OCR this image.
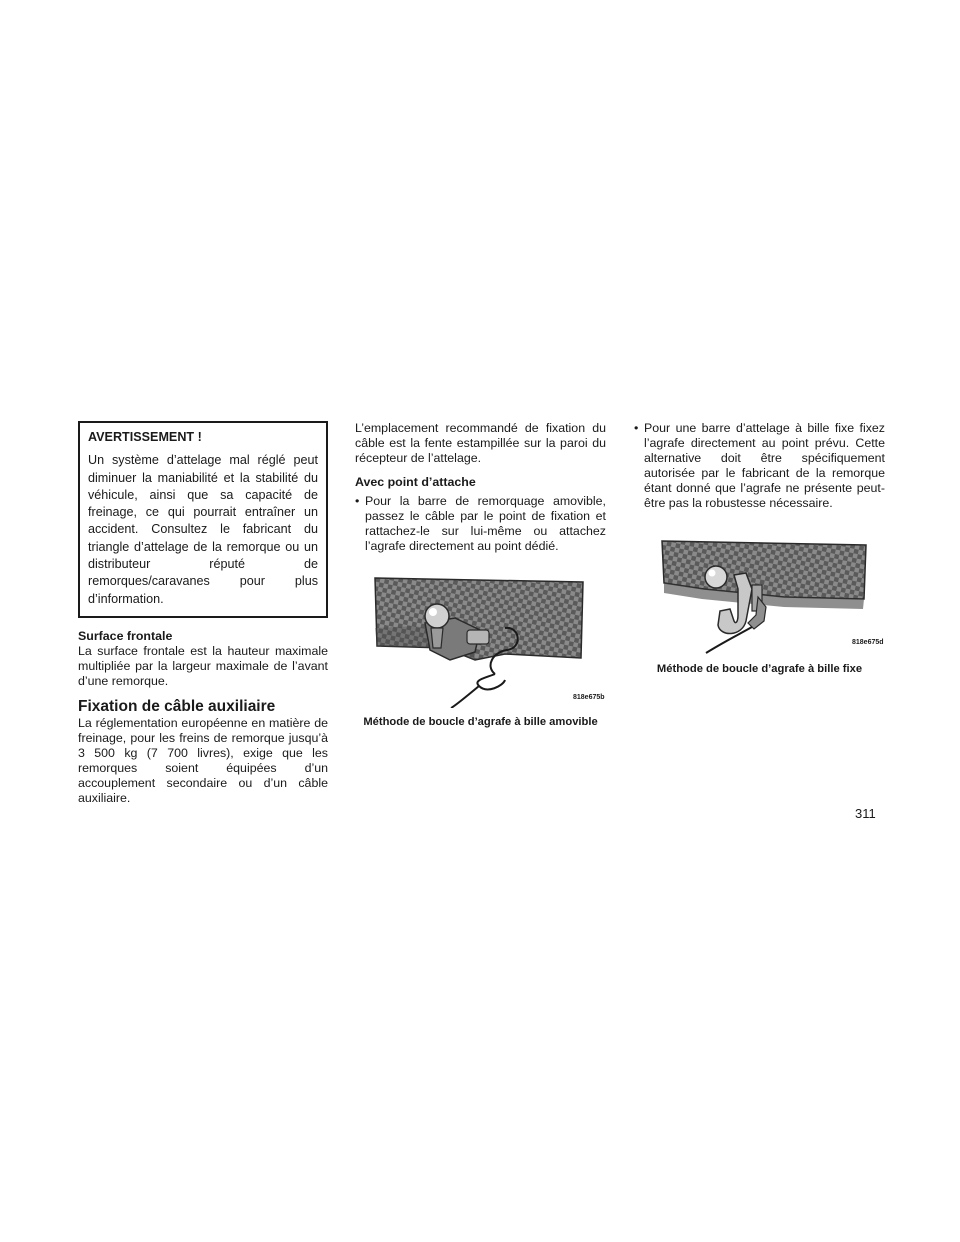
AVERTISSEMENT !
Un système d’attelage mal réglé peut diminuer la maniabilité et la stabilité du véhicule, ainsi que sa capacité de freinage, ce qui pourrait entraîner un accident. Consultez le fabricant du triangle d’attelage de la remorque ou un distributeur réputé de remorques/caravanes pour plus d’information.
Surface frontale
La surface frontale est la hauteur maximale multipliée par la largeur maximale de l’avant d’une remorque.
Fixation de câble auxiliaire
La réglementation européenne en matière de freinage, pour les freins de remorque jusqu’à 3 500 kg (7 700 livres), exige que les remorques soient équipées d’un accouplement secondaire ou d’un câble auxiliaire.
L’emplacement recommandé de fixation du câble est la fente estampillée sur la paroi du récepteur de l’attelage.
Avec point d’attache
• Pour la barre de remorquage amovible, passez le câble par le point de fixation et rattachez-le sur lui-même ou attachez l’agrafe directement au point dédié.
818e675b
Méthode de boucle d’agrafe à bille amovible
• Pour une barre d’attelage à bille fixe fixez l’agrafe directement au point prévu. Cette alternative doit être spécifiquement autorisée par le fabricant de la remorque étant donné que l’agrafe ne présente peut-être pas la robustesse nécessaire.
818e675d
Méthode de boucle d’agrafe à bille fixe
311
